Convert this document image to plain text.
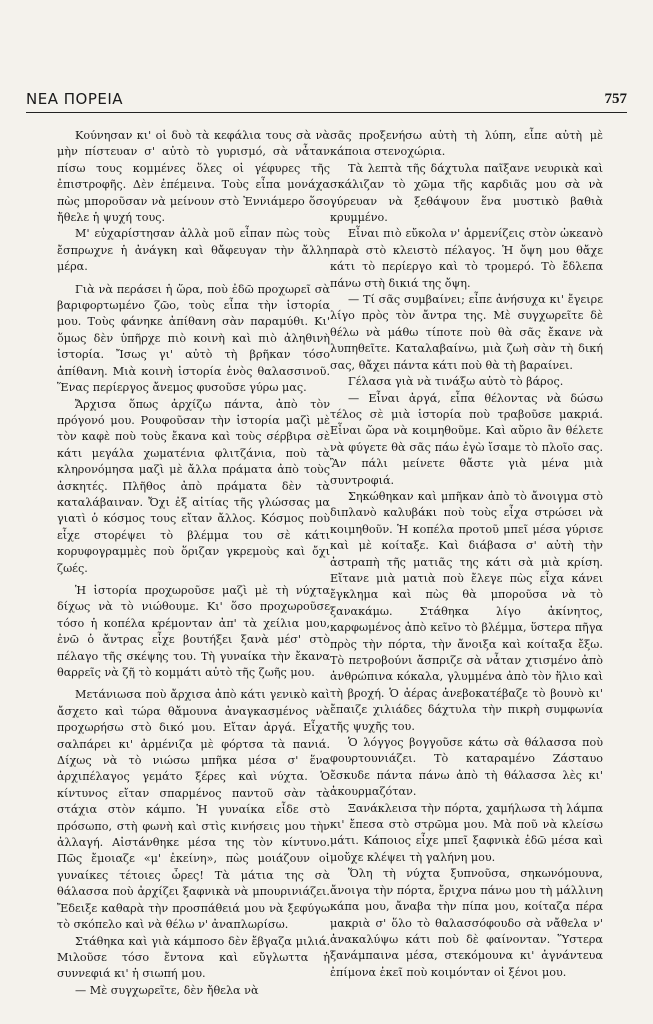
ΝΕΑ ΠΟΡΕΙΑ	757

Κούνησαν κι' οἱ δυὸ τὰ κεφάλια τους σὰ νὰ μὴν πίστευαν σ' αὐτὸ τὸ γυρισμό, σὰ νἆταν πίσω τους κομμένες ὅλες οἱ γέφυρες τῆς ἐπιστροφῆς. Δὲν ἐπέμεινα. Τοὺς εἶπα μονάχα πὼς μποροῦσαν νὰ μείνουν στὸ Ἐννιάμερο ὅσο ἤθελε ἡ ψυχή τους.

Μ' εὐχαρίστησαν ἀλλὰ μοῦ εἶπαν πὼς τοὺς ἔσπρωχνε ἡ ἀνάγκη καὶ θἄφευγαν τὴν ἄλλη μέρα.

Γιὰ νὰ περάσει ἡ ὥρα, ποὺ ἐδῶ προχωρεῖ σὰ βαριφορτωμένο ζῶο, τοὺς εἶπα τὴν ἱστορία μου. Τοὺς φάνηκε ἀπίθανη σὰν παραμύθι. Κι' ὅμως δὲν ὑπῆρχε πιὸ κοινὴ καὶ πιὸ ἀληθινὴ ἱστορία. Ἴσως γι' αὐτὸ τὴ βρῆκαν τόσο ἀπίθανη. Μιὰ κοινὴ ἱστορία ἑνὸς θαλασσινοῦ. Ἕνας περίεργος ἄνεμος φυσοῦσε γύρω μας.

Ἄρχισα ὅπως ἀρχίζω πάντα, ἀπὸ τὸν πρόγονό μου. Ρουφοῦσαν τὴν ἱστορία μαζὶ μὲ τὸν καφὲ ποὺ τοὺς ἔκανα καὶ τοὺς σέρβιρα σὲ κάτι μεγάλα χωματένια φλιτζάνια, ποὺ τὰ κληρονόμησα μαζὶ μὲ ἄλλα πράματα ἀπὸ τοὺς ἀσκητές. Πλῆθος ἀπὸ πράματα δὲν τὰ καταλάβαιναν. Ὄχι ἐξ αἰτίας τῆς γλώσσας μα γιατὶ ὁ κόσμος τους εἴταν ἄλλος. Κόσμος ποὺ εἶχε στορέψει τὸ βλέμμα του σὲ κάτι κορυφογραμμὲς ποὺ ὅριζαν γκρεμοὺς καὶ ὄχι ζωές.

Ἡ ἱστορία προχωροῦσε μαζὶ μὲ τὴ νύχτα δίχως νὰ τὸ νιώθουμε. Κι' ὅσο προχωροῦσε τόσο ἡ κοπέλα κρέμονταν ἀπ' τὰ χείλια μου, ἐνῶ ὁ ἄντρας εἶχε βουτήξει ξανὰ μέσ' στὸ πέλαγο τῆς σκέψης του. Τὴ γυναίκα τὴν ἔκανα θαρρεῖς νὰ ζῆ τὸ κομμάτι αὐτὸ τῆς ζωῆς μου.

Μετάνιωσα ποὺ ἄρχισα ἀπὸ κάτι γενικὸ καὶ ἄσχετο καὶ τώρα θἄμουνα ἀναγκασμένος νὰ προχωρήσω στὸ δικό μου. Εἴταν ἀργά. Εἶχα σαλπάρει κι' ἀρμένιζα μὲ φόρτσα τὰ πανιά. Δίχως νὰ τὸ νιώσω μπῆκα μέσα σ' ἕνα ἀρχιπέλαγος γεμάτο ξέρες καὶ νύχτα. Ὁ κίντυνος εἴταν σπαρμένος παντοῦ σὰν τὰ στάχια στὸν κάμπο. Ἡ γυναίκα εἶδε στὸ πρόσωπο, στὴ φωνὴ καὶ στὶς κινήσεις μου τὴν ἀλλαγή. Αἰστάνθηκε μέσα της τὸν κίντυνο. Πῶς ἔμοιαζε «μ' ἐκείνη», πὼς μοιάζουν οἱ γυναίκες τέτοιες ὧρες! Τὰ μάτια της σὰ θάλασσα ποὺ ἀρχίζει ξαφνικὰ νὰ μπουρινιάζει. Ἔδειξε καθαρὰ τὴν προσπάθειά μου νὰ ξεφύγω τὸ σκόπελο καὶ νὰ θέλω ν' ἀναπλωρίσω.

Στάθηκα καὶ γιὰ κάμποσο δὲν ἔβγαζα μιλιά. Μιλοῦσε τόσο ἔντονα καὶ εὔγλωττα ἡ συννεφιά κι' ἡ σιωπή μου.

— Μὲ συγχωρεῖτε, δὲν ἤθελα νὰ

σᾶς προξενήσω αὐτὴ τὴ λύπη, εἶπε αὐτὴ μὲ κάποια στενοχώρια.

Τὰ λεπτὰ τῆς δάχτυλα παῖξανε νευρικὰ καὶ σκάλιζαν τὸ χῶμα τῆς καρδιᾶς μου σὰ νὰ γύρευαν νὰ ξεθάψουν ἕνα μυστικὸ βαθιὰ κρυμμένο.

Εἶναι πιὸ εὔκολα ν' ἀρμενίζεις στὸν ὠκεανὸ παρὰ στὸ κλειστὸ πέλαγος. Ἡ ὄψη μου θἄχε κάτι τὸ περίεργο καὶ τὸ τρομερό. Τὸ ἔδλεπα πάνω στὴ δικιά της ὄψη.

— Τί σᾶς συμβαίνει; εἶπε ἀνήσυχα κι' ἔγειρε λίγο πρὸς τὸν ἄντρα της. Μὲ συγχωρεῖτε δὲ θέλω νὰ μάθω τίποτε ποὺ θὰ σᾶς ἔκανε νὰ λυπηθεῖτε. Καταλαβαίνω, μιὰ ζωὴ σὰν τὴ δική σας, θἄχει πάντα κάτι ποὺ θὰ τὴ βαραίνει.

Γέλασα γιὰ νὰ τινάξω αὐτὸ τὸ βάρος.

— Εἶναι ἀργά, εἶπα θέλοντας νὰ δώσω τέλος σὲ μιὰ ἱστορία ποὺ τραβοῦσε μακριά. Εἶναι ὥρα νὰ κοιμηθοῦμε. Καὶ αὔριο ἂν θέλετε νὰ φύγετε θὰ σᾶς πάω ἐγὼ ἴσαμε τὸ πλοῖο σας. Ἂν πάλι μείνετε θἄστε γιὰ μένα μιὰ συντροφιά.

Σηκώθηκαν καὶ μπῆκαν ἀπὸ τὸ ἄνοιγμα στὸ διπλανὸ καλυβάκι ποὺ τοὺς εἶχα στρώσει νὰ κοιμηθοῦν. Ἡ κοπέλα προτοῦ μπεῖ μέσα γύρισε καὶ μὲ κοίταξε. Καὶ διάβασα σ' αὐτὴ τὴν ἀστραπὴ τῆς ματιᾶς της κάτι σὰ μιὰ κρίση. Εἴτανε μιὰ ματιὰ ποὺ ἔλεγε πὼς εἶχα κάνει ἔγκλημα καὶ πὼς θὰ μποροῦσα νὰ τὸ ξανακάμω. Στάθηκα λίγο ἀκίνητος, καρφωμένος ἀπὸ κεῖνο τὸ βλέμμα, ὕστερα πῆγα πρὸς τὴν πόρτα, τὴν ἄνοιξα καὶ κοίταξα ἔξω. Τὸ πετροβούνι ἄσπριζε σὰ νἆταν χτισμένο ἀπὸ ἀνθρώπινα κόκαλα, γλυμμένα ἀπὸ τὸν ἥλιο καὶ τὴ βροχή. Ὁ ἀέρας ἀνεβοκατέβαζε τὸ βουνὸ κι' ἔπαιζε χιλιάδες δάχτυλα τὴν πικρὴ συμφωνία τῆς ψυχῆς του.

Ὁ λόγγος βογγοῦσε κάτω σὰ θάλασσα ποὺ φουρτουνιάζει. Τὸ καταραμένο Ζάσταυο ἔσκυδε πάντα πάνω ἀπὸ τὴ θάλασσα λὲς κι' ἀκουρμαζόταν.

Ξανάκλεισα τὴν πόρτα, χαμήλωσα τὴ λάμπα κι' ἔπεσα στὸ στρῶμα μου. Μὰ ποῦ νὰ κλείσω μάτι. Κάποιος εἶχε μπεῖ ξαφνικὰ ἐδῶ μέσα καὶ μοὔχε κλέψει τὴ γαλήνη μου.

Ὅλη τὴ νύχτα ξυπνοῦσα, σηκωνόμουνα, ἄνοιγα τὴν πόρτα, ἔριχνα πάνω μου τὴ μάλλινη κάπα μου, ἄναβα τὴν πίπα μου, κοίταζα πέρα μακριὰ σ' ὅλο τὸ θαλασσόφουδο σὰ νἄθελα ν' ἀνακαλύψω κάτι ποὺ δὲ φαίνονταν. Ὕστερα ξανάμπαινα μέσα, στεκόμουνα κι' ἀγνάντευα ἐπίμονα ἐκεῖ ποὺ κοιμόνταν οἱ ξένοι μου.
